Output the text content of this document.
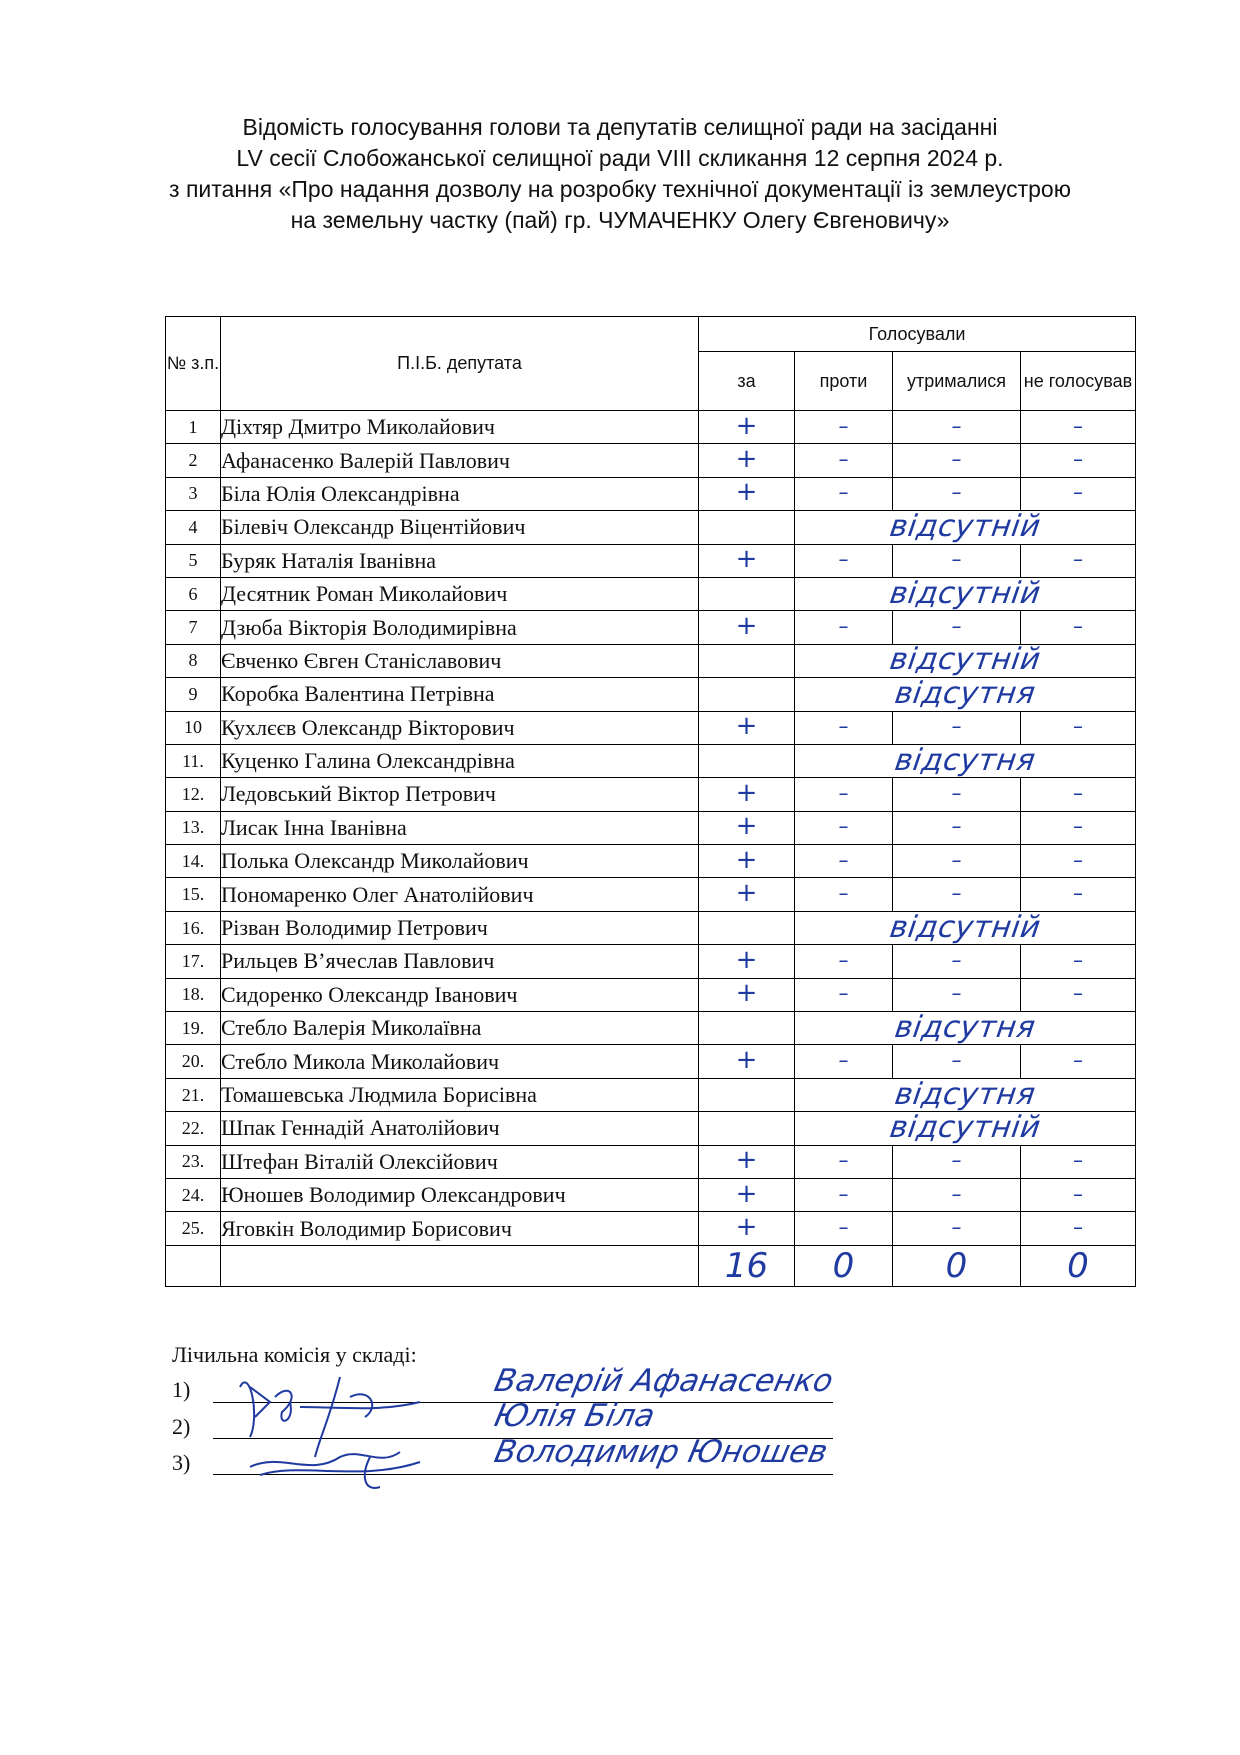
Відомість голосування голови та депутатів селищної ради на засіданні
LV сесії Слобожанської селищної ради VIII скликання 12 серпня 2024 р.
з питання «Про надання дозволу на розробку технічної документації із землеустрою
на земельну частку (пай) гр. ЧУМАЧЕНКУ Олегу Євгеновичу»
№ з.п.	П.І.Б. депутата	Голосували			
		за	проти	утрималися	не голосував
1	Діхтяр Дмитро Миколайович	+	–	–	–
2	Афанасенко Валерій Павлович	+	–	–	–
3	Біла Юлія Олександрівна	+	–	–	–
4	Білевіч Олександр Віцентійович		відсутній		
5	Буряк Наталія Іванівна	+	–	–	–
6	Десятник Роман Миколайович		відсутній		
7	Дзюба Вікторія Володимирівна	+	–	–	–
8	Євченко Євген Станіславович		відсутній		
9	Коробка Валентина Петрівна		відсутня		
10	Кухлєєв Олександр Вікторович	+	–	–	–
11.	Куценко Галина Олександрівна		відсутня		
12.	Ледовський Віктор Петрович	+	–	–	–
13.	Лисак Інна Іванівна	+	–	–	–
14.	Полька Олександр Миколайович	+	–	–	–
15.	Пономаренко Олег Анатолійович	+	–	–	–
16.	Різван Володимир Петрович		відсутній		
17.	Рильцев В’ячеслав Павлович	+	–	–	–
18.	Сидоренко Олександр Іванович	+	–	–	–
19.	Стебло Валерія Миколаївна		відсутня		
20.	Стебло Микола Миколайович	+	–	–	–
21.	Томашевська Людмила Борисівна		відсутня		
22.	Шпак Геннадій Анатолійович		відсутній		
23.	Штефан Віталій Олексійович	+	–	–	–
24.	Юношев Володимир Олександрович	+	–	–	–
25.	Яговкін Володимир Борисович	+	–	–	–
		16	0	0	0
Лічильна комісія у складі:
1)	Валерій Афанасенко
2)	Юлія Біла
3)	Володимир Юношев
